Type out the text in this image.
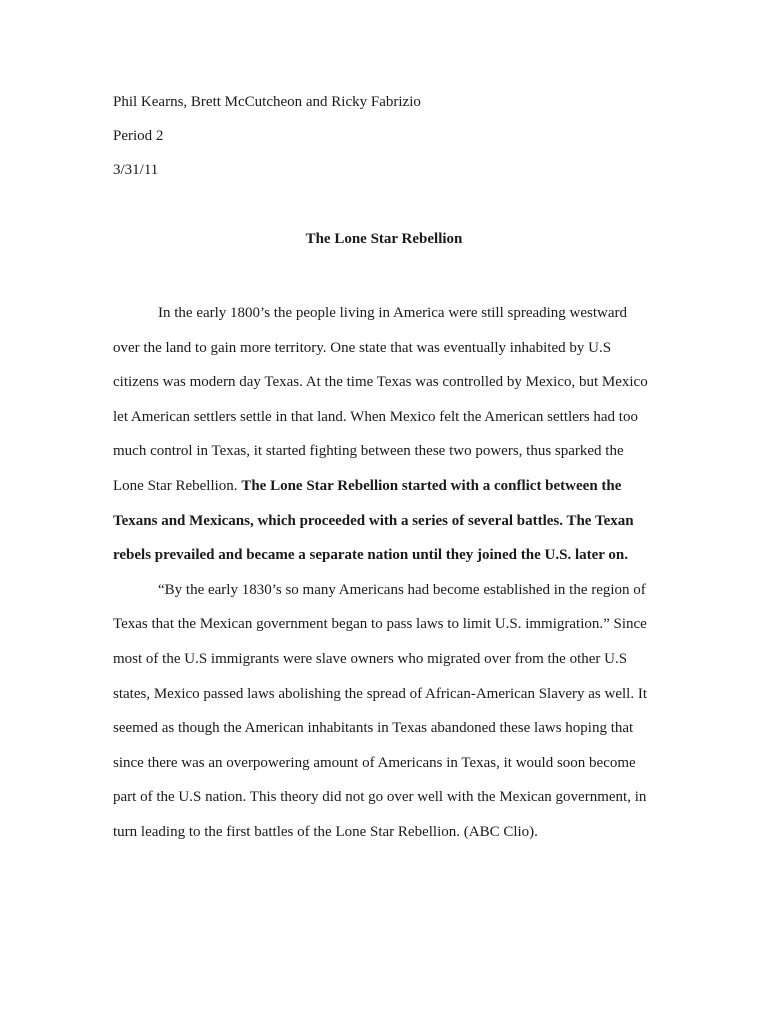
Phil Kearns, Brett McCutcheon and Ricky Fabrizio
Period 2
3/31/11
The Lone Star Rebellion
In the early 1800’s the people living in America were still spreading westward
over the land to gain more territory. One state that was eventually inhabited by U.S
citizens was modern day Texas. At the time Texas was controlled by Mexico, but Mexico
let American settlers settle in that land. When Mexico felt the American settlers had too
much control in Texas, it started fighting between these two powers, thus sparked the
Lone Star Rebellion. The Lone Star Rebellion started with a conflict between the
Texans and Mexicans, which proceeded with a series of several battles. The Texan
rebels prevailed and became a separate nation until they joined the U.S. later on.
“By the early 1830’s so many Americans had become established in the region of
Texas that the Mexican government began to pass laws to limit U.S. immigration.” Since
most of the U.S immigrants were slave owners who migrated over from the other U.S
states, Mexico passed laws abolishing the spread of African-American Slavery as well. It
seemed as though the American inhabitants in Texas abandoned these laws hoping that
since there was an overpowering amount of Americans in Texas, it would soon become
part of the U.S nation. This theory did not go over well with the Mexican government, in
turn leading to the first battles of the Lone Star Rebellion. (ABC Clio).
